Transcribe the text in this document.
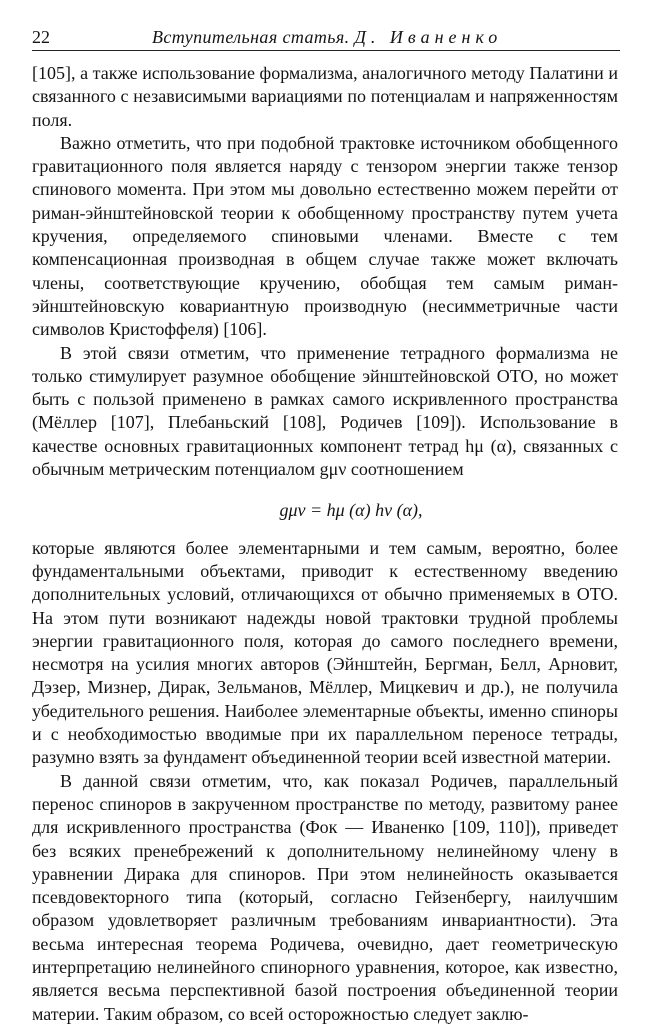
22	Вступительная статья. Д. Иваненко

[105], а также использование формализма, аналогичного методу Палатини и связанного с независимыми вариациями по потенциалам и напряженностям поля.

Важно отметить, что при подобной трактовке источником обобщенного гравитационного поля является наряду с тензором энергии также тензор спинового момента. При этом мы довольно естественно можем перейти от риман-эйнштейновской теории к обобщенному пространству путем учета кручения, определяемого спиновыми членами. Вместе с тем компенсационная производная в общем случае также может включать члены, соответствующие кручению, обобщая тем самым риман-эйнштейновскую ковариантную производную (несимметричные части символов Кристоффеля) [106].

В этой связи отметим, что применение тетрадного формализма не только стимулирует разумное обобщение эйнштейновской ОТО, но может быть с пользой применено в рамках самого искривленного пространства (Мёллер [107], Плебаньский [108], Родичев [109]). Использование в качестве основных гравитационных компонент тетрад hμ (α), связанных с обычным метрическим потенциалом gμν соотношением

gμν = hμ (α) hν (α),

которые являются более элементарными и тем самым, вероятно, более фундаментальными объектами, приводит к естественному введению дополнительных условий, отличающихся от обычно применяемых в ОТО. На этом пути возникают надежды новой трактовки трудной проблемы энергии гравитационного поля, которая до самого последнего времени, несмотря на усилия многих авторов (Эйнштейн, Бергман, Белл, Арновит, Дэзер, Мизнер, Дирак, Зельманов, Мёллер, Мицкевич и др.), не получила убедительного решения. Наиболее элементарные объекты, именно спиноры и с необходимостью вводимые при их параллельном переносе тетрады, разумно взять за фундамент объединенной теории всей известной материи.

В данной связи отметим, что, как показал Родичев, параллельный перенос спиноров в закрученном пространстве по методу, развитому ранее для искривленного пространства (Фок — Иваненко [109, 110]), приведет без всяких пренебрежений к дополнительному нелинейному члену в уравнении Дирака для спиноров. При этом нелинейность оказывается псевдовекторного типа (который, согласно Гейзенбергу, наилучшим образом удовлетворяет различным требованиям инвариантности). Эта весьма интересная теорема Родичева, очевидно, дает геометрическую интерпретацию нелинейного спинорного уравнения, которое, как известно, является весьма перспективной базой построения объединенной теории материи. Таким образом, со всей осторожностью следует заклю-
